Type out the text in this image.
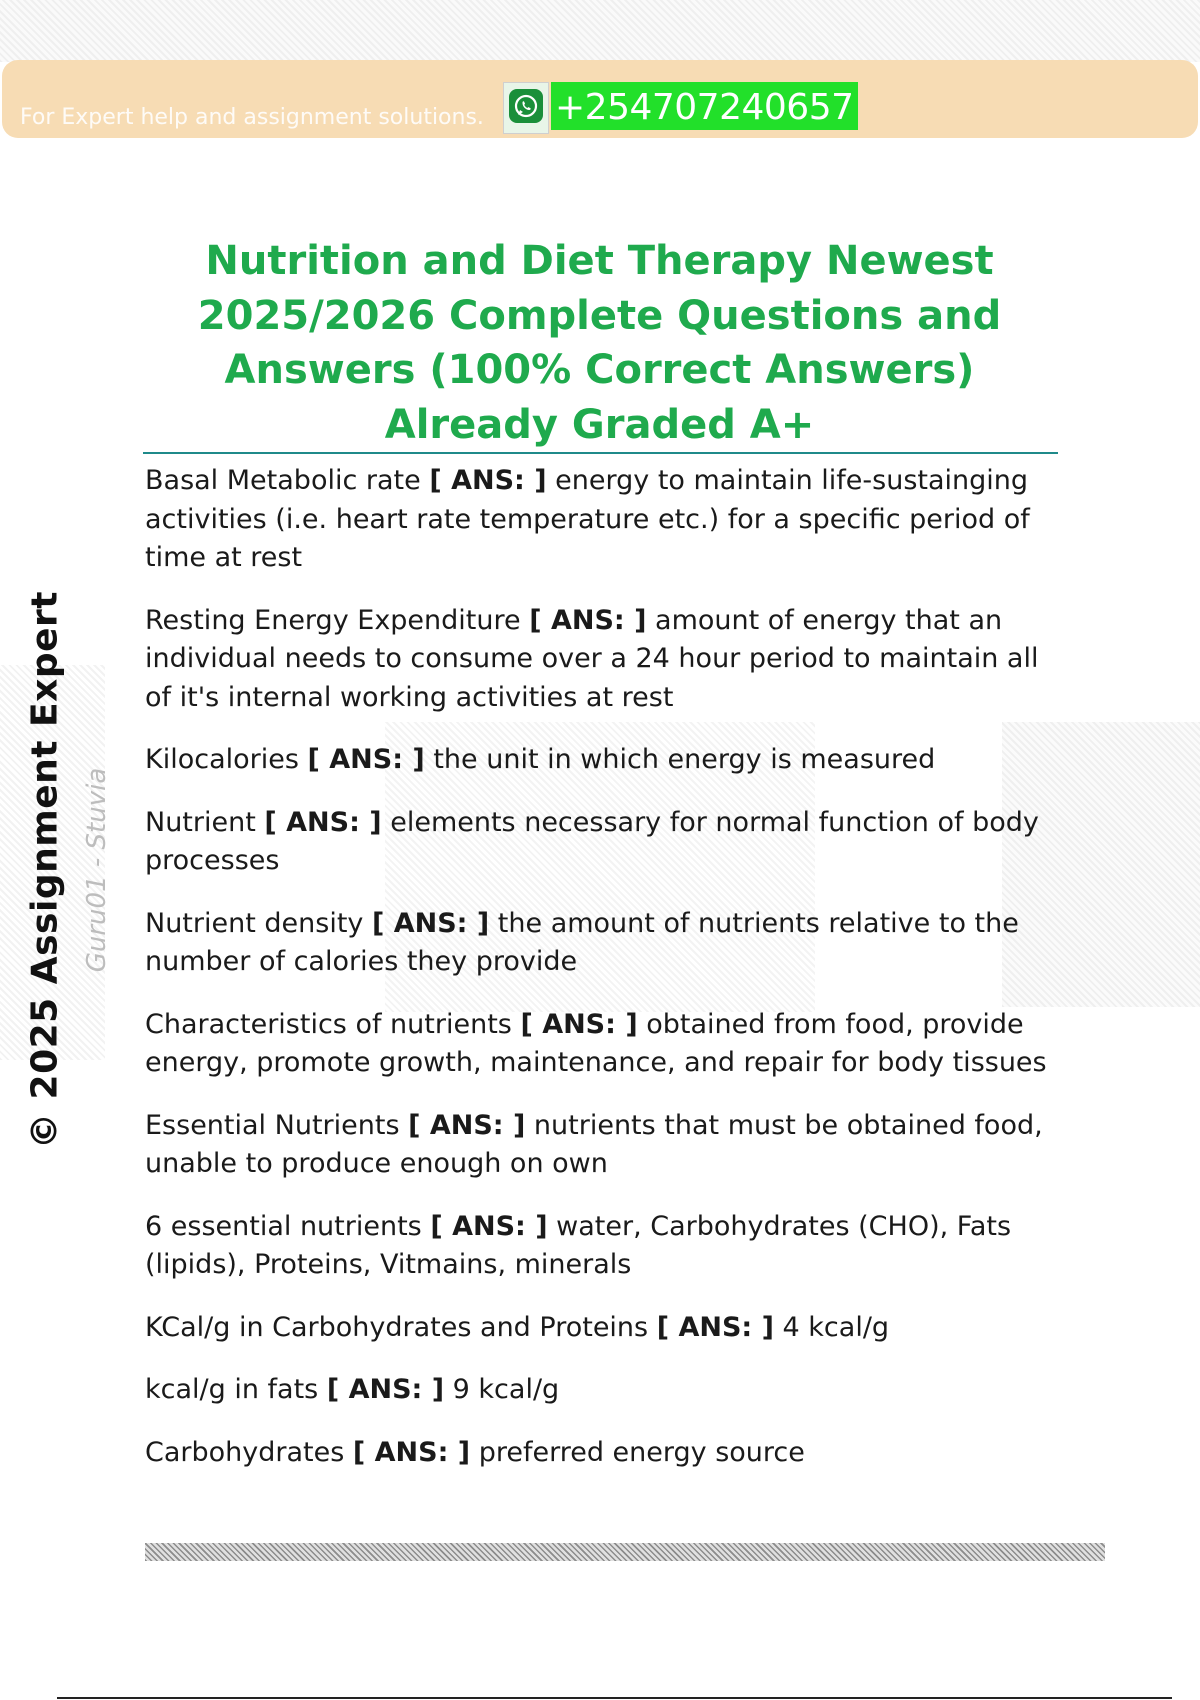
For Expert help and assignment solutions. +254707240657
Nutrition and Diet Therapy Newest 2025/2026 Complete Questions and Answers (100% Correct Answers) Already Graded A+
© 2025 Assignment Expert Guru01 - Stuvia
Basal Metabolic rate [ ANS: ] energy to maintain life-sustainging activities (i.e. heart rate temperature etc.) for a specific period of time at rest
Resting Energy Expenditure [ ANS: ] amount of energy that an individual needs to consume over a 24 hour period to maintain all of it's internal working activities at rest
Kilocalories [ ANS: ] the unit in which energy is measured
Nutrient [ ANS: ] elements necessary for normal function of body processes
Nutrient density [ ANS: ] the amount of nutrients relative to the number of calories they provide
Characteristics of nutrients [ ANS: ] obtained from food, provide energy, promote growth, maintenance, and repair for body tissues
Essential Nutrients [ ANS: ] nutrients that must be obtained food, unable to produce enough on own
6 essential nutrients [ ANS: ] water, Carbohydrates (CHO), Fats (lipids), Proteins, Vitmains, minerals
KCal/g in Carbohydrates and Proteins [ ANS: ] 4 kcal/g
kcal/g in fats [ ANS: ] 9 kcal/g
Carbohydrates [ ANS: ] preferred energy source
